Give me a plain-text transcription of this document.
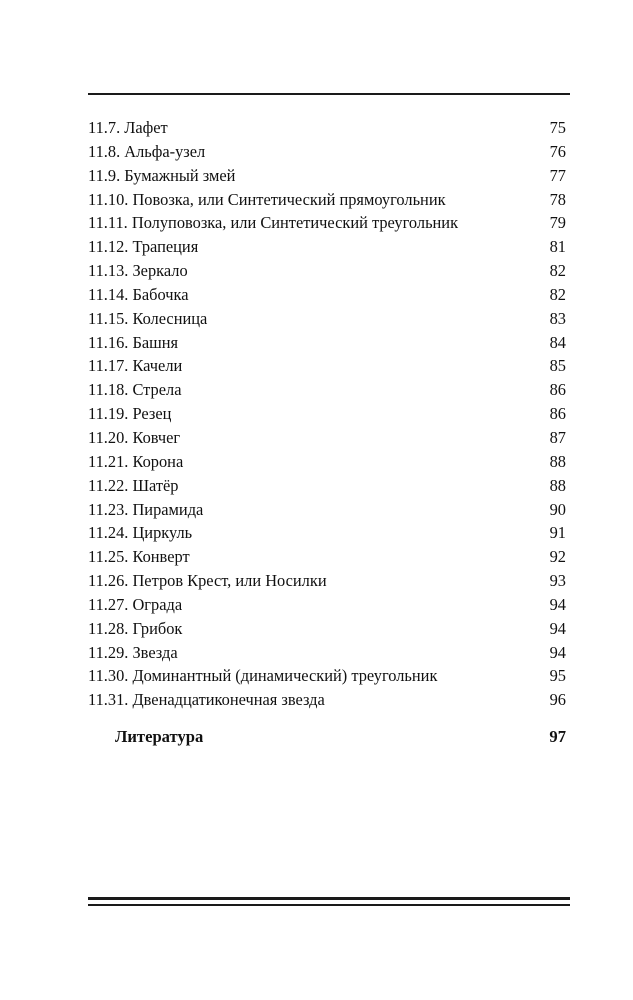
11.7. Лафет	75
11.8. Альфа-узел	76
11.9. Бумажный змей	77
11.10. Повозка, или Синтетический прямоугольник	78
11.11. Полуповозка, или Синтетический треугольник	79
11.12. Трапеция	81
11.13. Зеркало	82
11.14. Бабочка	82
11.15. Колесница	83
11.16. Башня	84
11.17. Качели	85
11.18. Стрела	86
11.19. Резец	86
11.20. Ковчег	87
11.21. Корона	88
11.22. Шатёр	88
11.23. Пирамида	90
11.24. Циркуль	91
11.25. Конверт	92
11.26. Петров Крест, или Носилки	93
11.27. Ограда	94
11.28. Грибок	94
11.29. Звезда	94
11.30. Доминантный (динамический) треугольник	95
11.31. Двенадцатиконечная звезда	96
Литература	97
